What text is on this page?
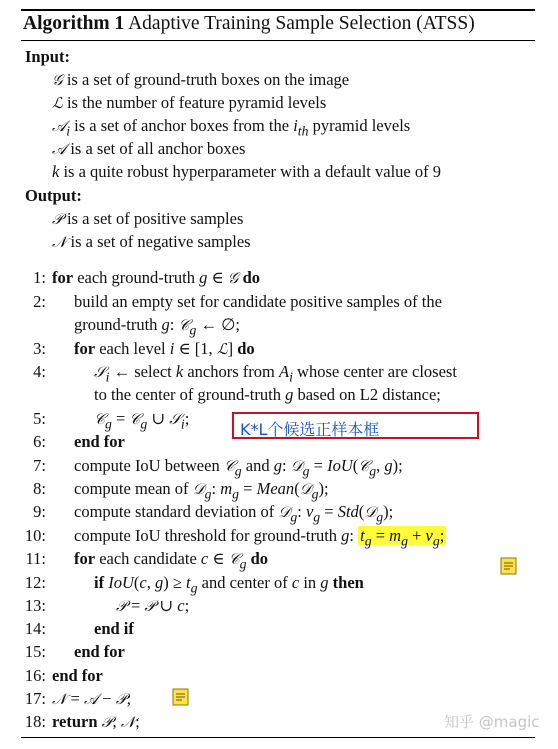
Algorithm 1 Adaptive Training Sample Selection (ATSS)
Input:
𝒢 is a set of ground-truth boxes on the image
ℒ is the number of feature pyramid levels
𝒜$_i$ is a set of anchor boxes from the $i_{th}$ pyramid levels
𝒜 is a set of all anchor boxes
k is a quite robust hyperparameter with a default value of 9
Output:
𝒫 is a set of positive samples
𝒩 is a set of negative samples
1: for each ground-truth g ∈ 𝒢 do
2: build an empty set for candidate positive samples of the
ground-truth g: 𝒞$_g$ ← ∅;
3: for each level i ∈ [1, ℒ] do
4:	𝒮$_i$ ← select k anchors from $A_i$ whose center are closest
to the center of ground-truth g based on L2 distance;
5:	𝒞$_g$ = 𝒞$_g$ ∪ 𝒮$_i$;
K*L个候选正样本框
6: end for
7: compute IoU between 𝒞$_g$ and g: 𝒟$_g$ = IoU(𝒞$_g$, g);
8: compute mean of 𝒟$_g$: $m_g$ = Mean(𝒟$_g$);
9: compute standard deviation of 𝒟$_g$: $v_g$ = Std(𝒟$_g$);
10: compute IoU threshold for ground-truth g: $t_g = m_g + v_g$;
11: for each candidate c ∈ 𝒞$_g$ do
12:	if IoU(c, $g) \ge t_g$ and center of c in g then
13:	𝒫 = 𝒫 ∪ c;
14:	end if
15: end for
16: end for
17: 𝒩 = 𝒜 − 𝒫;
18: return 𝒫, 𝒩;	知乎 @magic
